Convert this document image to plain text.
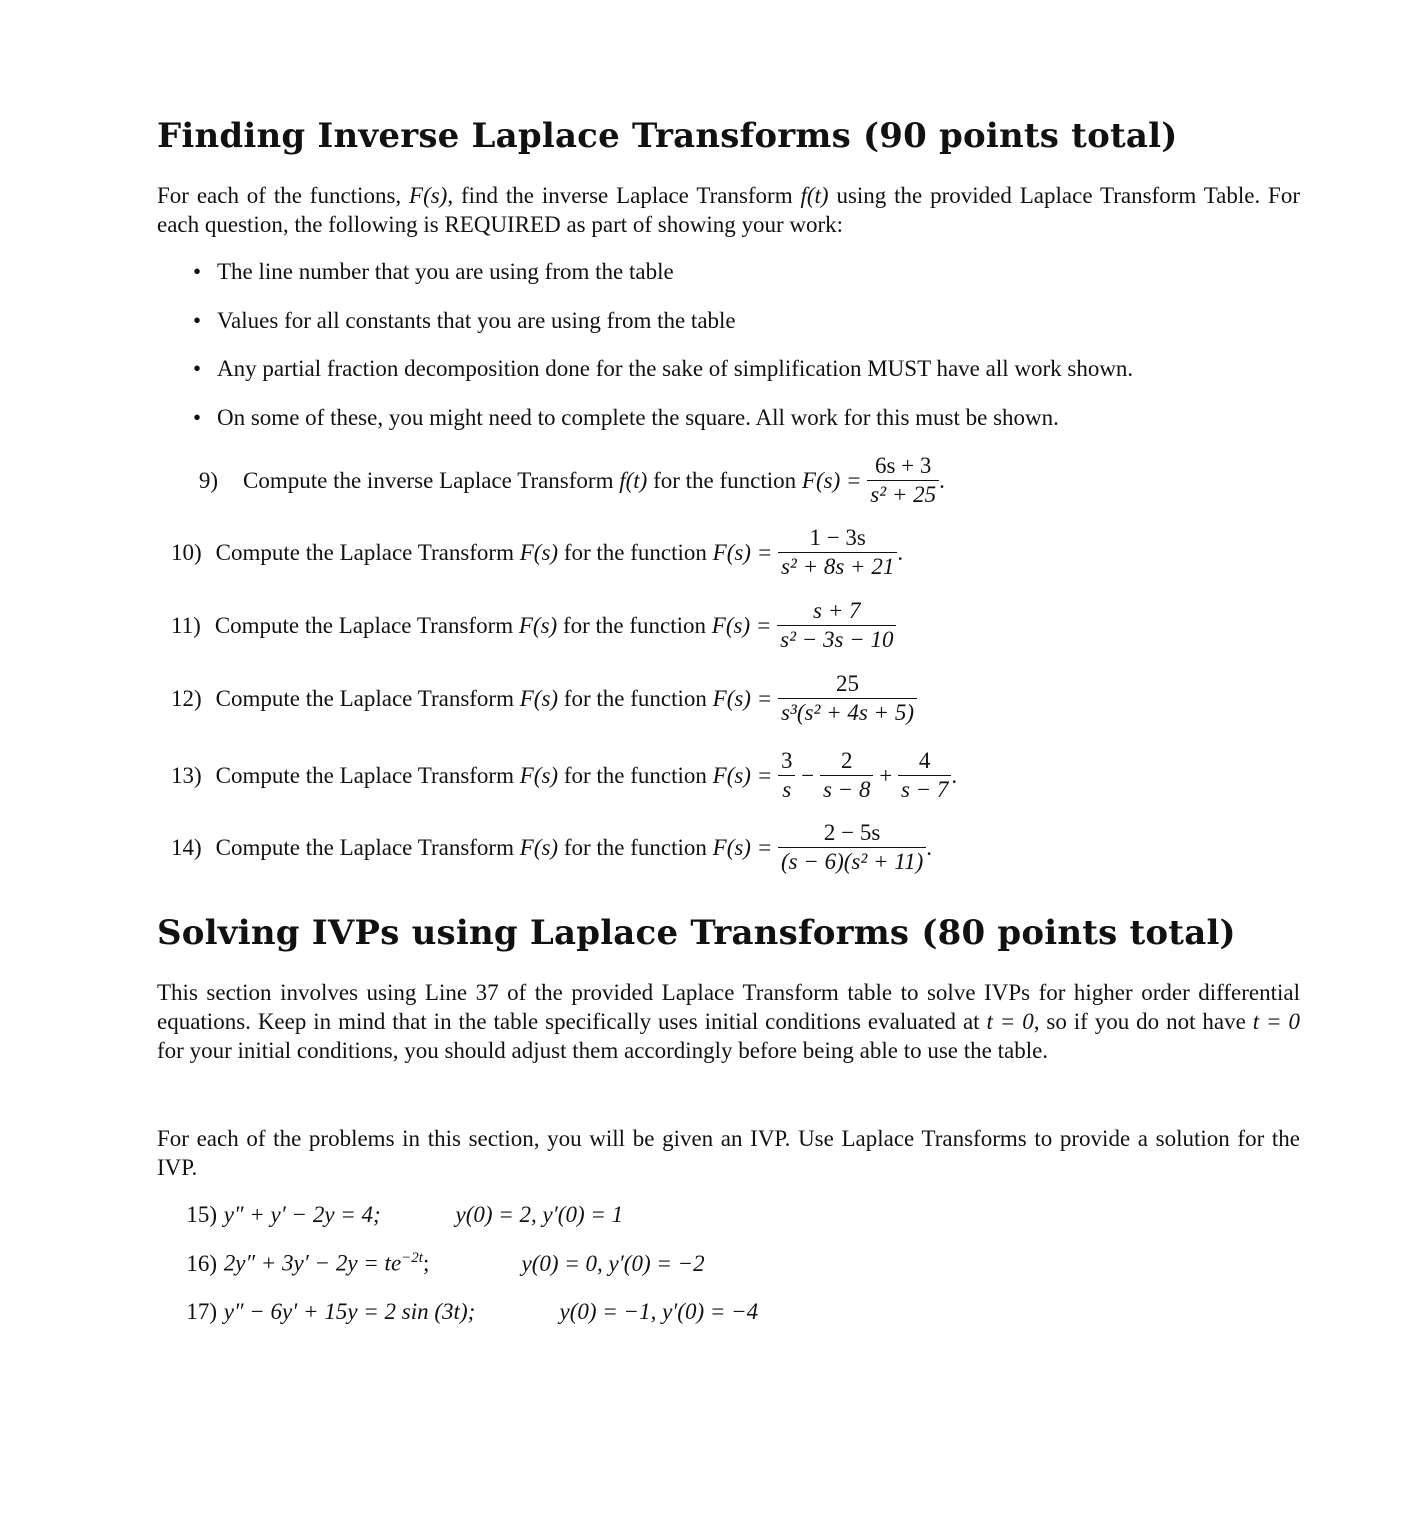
Finding Inverse Laplace Transforms (90 points total)
For each of the functions, F(s), find the inverse Laplace Transform f(t) using the provided Laplace Transform Table. For each question, the following is REQUIRED as part of showing your work:
• The line number that you are using from the table
• Values for all constants that you are using from the table
• Any partial fraction decomposition done for the sake of simplification MUST have all work shown.
• On some of these, you might need to complete the square. All work for this must be shown.
9) Compute the inverse Laplace Transform
f(t)
for the function
F(s) =
$\frac{6s + 3}{\text{s² + 25}}$ .
10) Compute the Laplace Transform
F(s)
for the function
F(s) =
$\frac{1 - 3s}{\text{s² + 8s + 21}}$ .
11) Compute the Laplace Transform
F(s)
for the function
F(s) =
$\frac{s + 7}{\text{s² − 3s − 10}}$
12) Compute the Laplace Transform
F(s)
for the function
F(s) =
$\frac{25}{\text{s³(s² + 4s + 5)}}$
13) Compute the Laplace Transform
F(s)
for the function
F(s) =
$\frac{3}{s}$
−
$\frac{2}{s - 8}$
+
$\frac{4}{s - 7}$ .
14) Compute the Laplace Transform
F(s)
for the function
F(s) =
$\frac{2 - 5s}{\text{(s − 6)(s² + 11)}}$ .
Solving IVPs using Laplace Transforms (80 points total)
This section involves using Line 37 of the provided Laplace Transform table to solve IVPs for higher order differential equations. Keep in mind that in the table specifically uses initial conditions evaluated at t = 0, so if you do not have t = 0 for your initial conditions, you should adjust them accordingly before being able to use the table.
For each of the problems in this section, you will be given an IVP. Use Laplace Transforms to provide a solution for the IVP.
15) y″ + y′ − 2y = 4;	y(0) = 2, y′(0) = 1
16) $2y'' + 3y' - 2y = te^{-2t}$;	y(0) = 0, y′(0) = −2
17) y″ − 6y′ + 15y = 2 sin (3t);	y(0) = −1, y′(0) = −4
